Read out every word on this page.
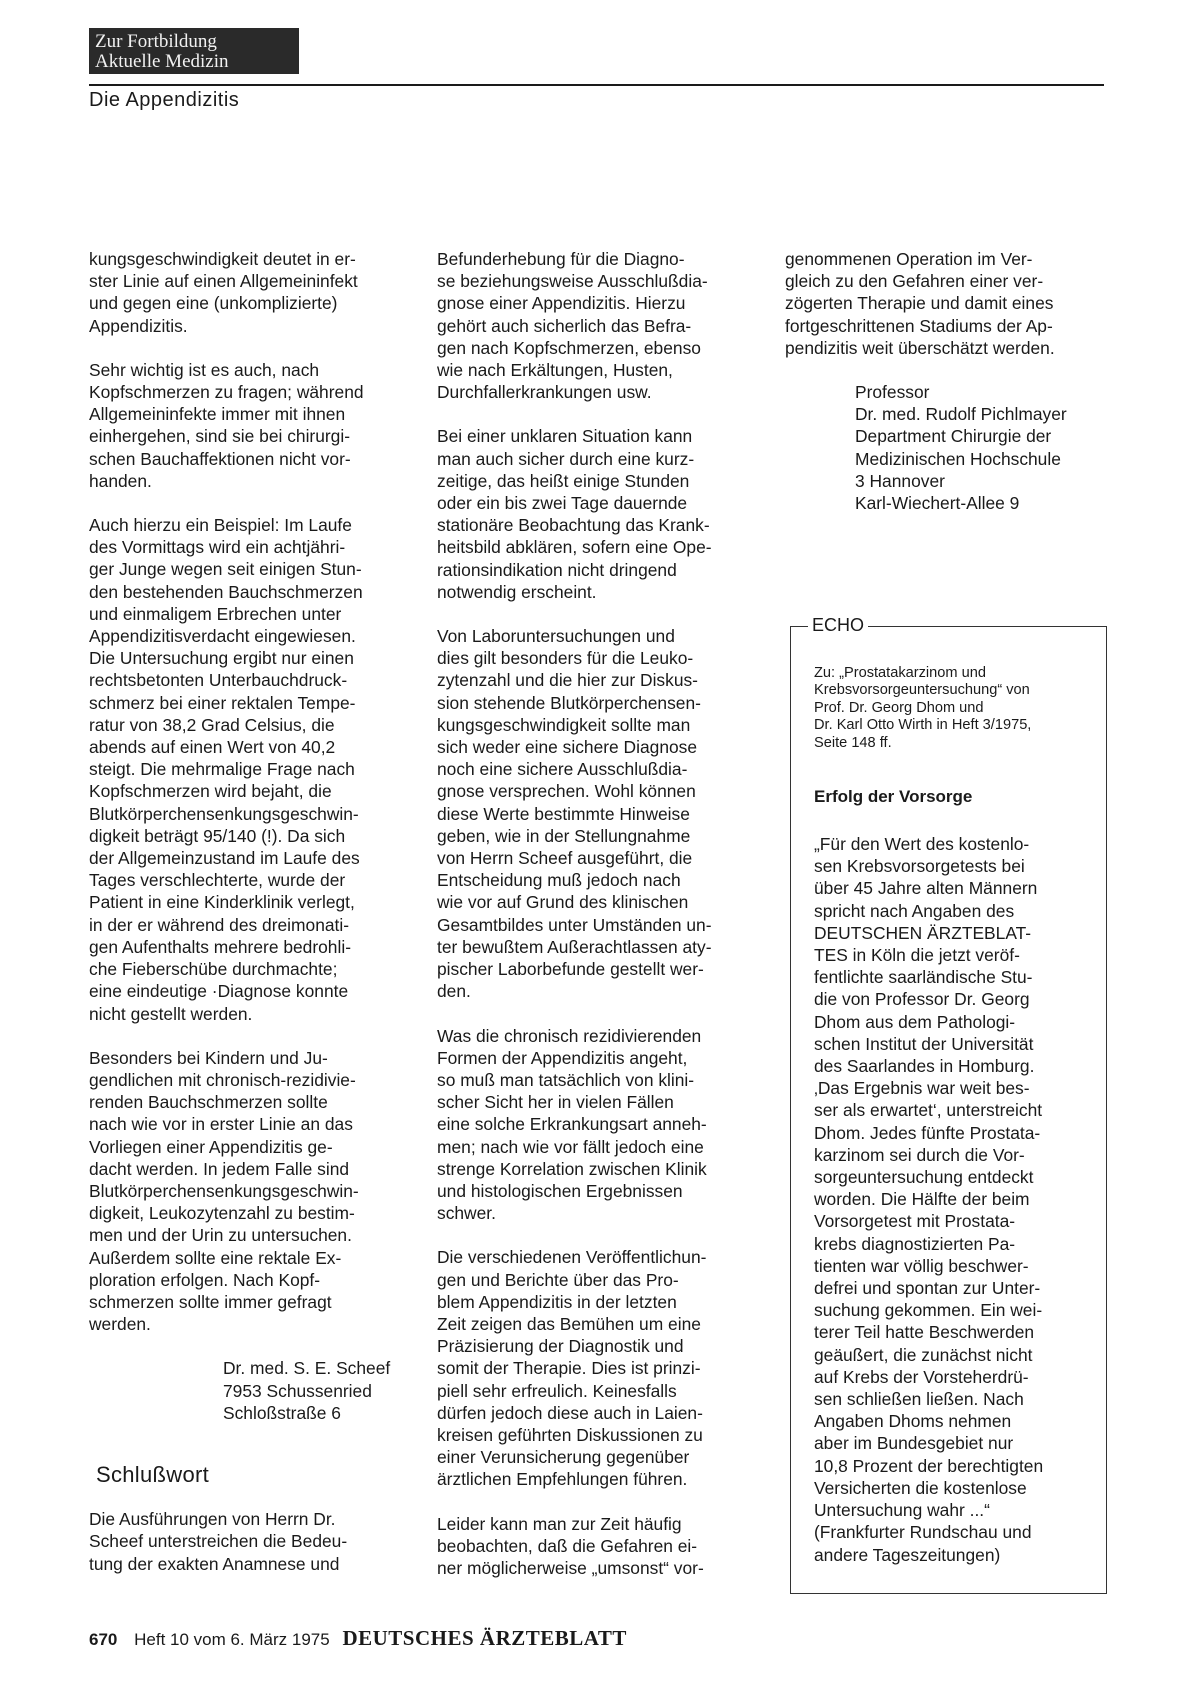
Zur Fortbildung
Aktuelle Medizin
Die Appendizitis

kungsgeschwindigkeit deutet in er-
ster Linie auf einen Allgemeininfekt
und gegen eine (unkomplizierte)
Appendizitis.

Sehr wichtig ist es auch, nach
Kopfschmerzen zu fragen; während
Allgemeininfekte immer mit ihnen
einhergehen, sind sie bei chirurgi-
schen Bauchaffektionen nicht vor-
handen.

Auch hierzu ein Beispiel: Im Laufe
des Vormittags wird ein achtjähri-
ger Junge wegen seit einigen Stun-
den bestehenden Bauchschmerzen
und einmaligem Erbrechen unter
Appendizitisverdacht eingewiesen.
Die Untersuchung ergibt nur einen
rechtsbetonten Unterbauchdruck-
schmerz bei einer rektalen Tempe-
ratur von 38,2 Grad Celsius, die
abends auf einen Wert von 40,2
steigt. Die mehrmalige Frage nach
Kopfschmerzen wird bejaht, die
Blutkörperchensenkungsgeschwin-
digkeit beträgt 95/140 (!). Da sich
der Allgemeinzustand im Laufe des
Tages verschlechterte, wurde der
Patient in eine Kinderklinik verlegt,
in der er während des dreimonati-
gen Aufenthalts mehrere bedrohli-
che Fieberschübe durchmachte;
eine eindeutige ·Diagnose konnte
nicht gestellt werden.

Besonders bei Kindern und Ju-
gendlichen mit chronisch-rezidivie-
renden Bauchschmerzen sollte
nach wie vor in erster Linie an das
Vorliegen einer Appendizitis ge-
dacht werden. In jedem Falle sind
Blutkörperchensenkungsgeschwin-
digkeit, Leukozytenzahl zu bestim-
men und der Urin zu untersuchen.
Außerdem sollte eine rektale Ex-
ploration erfolgen. Nach Kopf-
schmerzen sollte immer gefragt
werden.

Dr. med. S. E. Scheef
7953 Schussenried
Schloßstraße 6
Schlußwort

Die Ausführungen von Herrn Dr.
Scheef unterstreichen die Bedeu-
tung der exakten Anamnese und

Befunderhebung für die Diagno-
se beziehungsweise Ausschlußdia-
gnose einer Appendizitis. Hierzu
gehört auch sicherlich das Befra-
gen nach Kopfschmerzen, ebenso
wie nach Erkältungen, Husten,
Durchfallerkrankungen usw.

Bei einer unklaren Situation kann
man auch sicher durch eine kurz-
zeitige, das heißt einige Stunden
oder ein bis zwei Tage dauernde
stationäre Beobachtung das Krank-
heitsbild abklären, sofern eine Ope-
rationsindikation nicht dringend
notwendig erscheint.

Von Laboruntersuchungen und
dies gilt besonders für die Leuko-
zytenzahl und die hier zur Diskus-
sion stehende Blutkörperchensen-
kungsgeschwindigkeit sollte man
sich weder eine sichere Diagnose
noch eine sichere Ausschlußdia-
gnose versprechen. Wohl können
diese Werte bestimmte Hinweise
geben, wie in der Stellungnahme
von Herrn Scheef ausgeführt, die
Entscheidung muß jedoch nach
wie vor auf Grund des klinischen
Gesamtbildes unter Umständen un-
ter bewußtem Außerachtlassen aty-
pischer Laborbefunde gestellt wer-
den.

Was die chronisch rezidivierenden
Formen der Appendizitis angeht,
so muß man tatsächlich von klini-
scher Sicht her in vielen Fällen
eine solche Erkrankungsart anneh-
men; nach wie vor fällt jedoch eine
strenge Korrelation zwischen Klinik
und histologischen Ergebnissen
schwer.

Die verschiedenen Veröffentlichun-
gen und Berichte über das Pro-
blem Appendizitis in der letzten
Zeit zeigen das Bemühen um eine
Präzisierung der Diagnostik und
somit der Therapie. Dies ist prinzi-
piell sehr erfreulich. Keinesfalls
dürfen jedoch diese auch in Laien-
kreisen geführten Diskussionen zu
einer Verunsicherung gegenüber
ärztlichen Empfehlungen führen.

Leider kann man zur Zeit häufig
beobachten, daß die Gefahren ei-
ner möglicherweise „umsonst“ vor-

genommenen Operation im Ver-
gleich zu den Gefahren einer ver-
zögerten Therapie und damit eines
fortgeschrittenen Stadiums der Ap-
pendizitis weit überschätzt werden.

Professor
Dr. med. Rudolf Pichlmayer
Department Chirurgie der
Medizinischen Hochschule
3 Hannover
Karl-Wiechert-Allee 9
ECHO
Zu: „Prostatakarzinom und
Krebsvorsorgeuntersuchung“ von
Prof. Dr. Georg Dhom und
Dr. Karl Otto Wirth in Heft 3/1975,
Seite 148 ff.
Erfolg der Vorsorge
„Für den Wert des kostenlo-
sen Krebsvorsorgetests bei
über 45 Jahre alten Männern
spricht nach Angaben des
DEUTSCHEN ÄRZTEBLAT-
TES in Köln die jetzt veröf-
fentlichte saarländische Stu-
die von Professor Dr. Georg
Dhom aus dem Pathologi-
schen Institut der Universität
des Saarlandes in Homburg.
‚Das Ergebnis war weit bes-
ser als erwartet‘, unterstreicht
Dhom. Jedes fünfte Prostata-
karzinom sei durch die Vor-
sorgeuntersuchung entdeckt
worden. Die Hälfte der beim
Vorsorgetest mit Prostata-
krebs diagnostizierten Pa-
tienten war völlig beschwer-
defrei und spontan zur Unter-
suchung gekommen. Ein wei-
terer Teil hatte Beschwerden
geäußert, die zunächst nicht
auf Krebs der Vorsteherdrü-
sen schließen ließen. Nach
Angaben Dhoms nehmen
aber im Bundesgebiet nur
10,8 Prozent der berechtigten
Versicherten die kostenlose
Untersuchung wahr ...“
(Frankfurter Rundschau und
andere Tageszeitungen)
670 Heft 10 vom 6. März 1975 DEUTSCHES ÄRZTEBLATT
